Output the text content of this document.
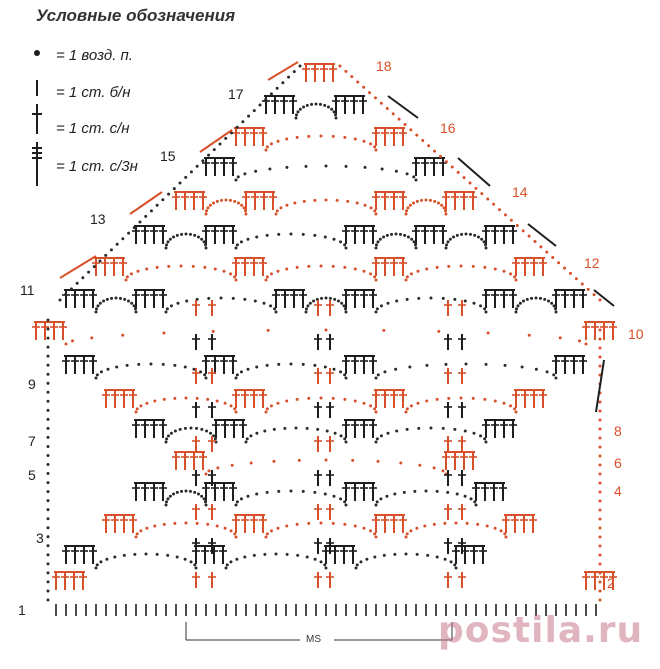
Условные обозначения
= 1 возд. п.
= 1 ст. б/н
= 1 ст. с/н
= 1 ст. с/3н
1
3
5
7
9
11
13
15
17
2
4
6
8
10
12
14
16
18
MS	postila.ru
